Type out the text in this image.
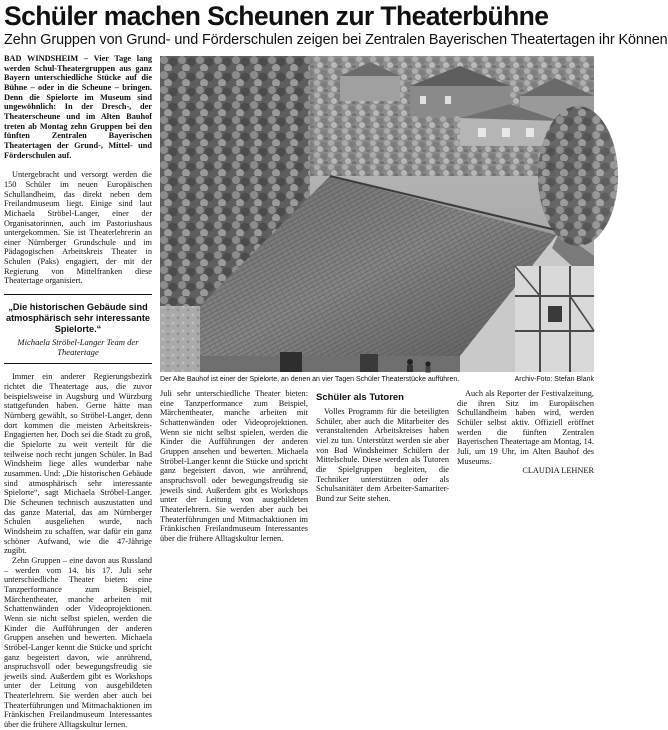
Schüler machen Scheunen zur Theaterbühne
Zehn Gruppen von Grund- und Förderschulen zeigen bei Zentralen Bayerischen Theatertagen ihr Können

BAD WINDSHEIM – Vier Tage lang werden Schul-Theatergruppen aus ganz Bayern unterschiedliche Stücke auf die Bühne – oder in die Scheune – bringen. Denn die Spielorte im Museum sind ungewöhnlich: In der Dresch-, der Theaterscheune und im Alten Bauhof treten ab Montag zehn Gruppen bei den fünften Zentralen Bayerischen Theatertagen der Grund-, Mittel- und Förderschulen auf.

Untergebracht und versorgt werden die 150 Schüler im neuen Europäischen Schullandheim, das direkt neben dem Freilandmuseum liegt. Einige sind laut Michaela Ströbel-Langer, einer der Organisatorinnen, auch im Pastoriushaus untergekommen. Sie ist Theaterlehrerin an einer Nürnberger Grundschule und im Pädagogischen Arbeitskreis Theater in Schulen (Paks) engagiert, der mit der Regierung von Mittelfranken diese Theatertage organisiert.

„Die historischen Gebäude sind atmosphärisch sehr interessante Spielorte.“
Michaela Ströbel-Langer Team der Theatertage

Immer ein anderer Regierungsbezirk richtet die Theatertage aus, die zuvor beispielsweise in Augsburg und Würzburg stattgefunden haben. Gerne hätte man Nürnberg gewählt, so Ströbel-Langer, denn dort kommen die meisten Arbeitskreis-Engagierten her. Doch sei die Stadt zu groß, die Spielorte zu weit verteilt für die teilweise noch recht jungen Schüler. In Bad Windsheim liege alles wunderbar nahe zusammen. Und: „Die historischen Gebäude sind atmosphärisch sehr interessante Spielorte“, sagt Michaela Ströbel-Langer. Die Scheunen technisch auszustatten und das ganze Material, das am Nürnberger Schulen ausgeliehen wurde, nach Windsheim zu schaffen, war dafür ein ganz schöner Aufwand, wie die 47-Jährige zugibt.

Zehn Gruppen – eine davon aus Russland – werden vom 14. bis 17. Juli sehr unterschiedliche Theater bieten: eine Tanzperformance zum Beispiel, Märchentheater, manche arbeiten mit Schattenwänden oder Videoprojektionen. Wenn sie nicht selbst spielen, werden die Kinder die Aufführungen der anderen Gruppen ansehen und bewerten. Michaela Ströbel-Langer kennt die Stücke und spricht ganz begeistert davon, wie anrührend, anspruchsvoll oder bewegungsfreudig sie jeweils sind. Außerdem gibt es Workshops unter der Leitung von ausgebildeten Theaterlehrern. Sie werden aber auch bei Theaterführungen und Mitmachaktionen im Fränkischen Freilandmuseum Interessantes über die frühere Alltagskultur lernen.

Der Alte Bauhof ist einer der Spielorte, an denen an vier Tagen Schüler Theaterstücke aufführen.	Archiv-Foto: Stefan Blank

Juli sehr unterschiedliche Theater bieten: eine Tanzperformance zum Beispiel, Märchentheater, manche arbeiten mit Schattenwänden oder Videoprojektionen. Wenn sie nicht selbst spielen, werden die Kinder die Aufführungen der anderen Gruppen ansehen und bewerten. Michaela Ströbel-Langer kennt die Stücke und spricht ganz begeistert davon, wie anrührend, anspruchsvoll oder bewegungsfreudig sie jeweils sind. Außerdem gibt es Workshops unter der Leitung von ausgebildeten Theaterlehrern. Sie werden aber auch bei Theaterführungen und Mitmachaktionen im Fränkischen Freilandmuseum Interessantes über die frühere Alltagskultur lernen.

Schüler als Tutoren

Volles Programm für die beteiligten Schüler, aber auch die Mitarbeiter des veranstaltenden Arbeitskreises haben viel zu tun. Unterstützt werden sie aber von Bad Windsheimer Schülern der Mittelschule. Diese werden als Tutoren die Spielgruppen begleiten, die Techniker unterstützen oder als Schulsanitäter dem Arbeiter-Samariter-Bund zur Seite stehen.

Auch als Reporter der Festivalzeitung, die ihren Sitz im Europäischen Schullandheim haben wird, werden Schüler selbst aktiv. Offiziell eröffnet werden die fünften Zentralen Bayerischen Theatertage am Montag, 14. Juli, um 19 Uhr, im Alten Bauhof des Museums.

CLAUDIA LEHNER
